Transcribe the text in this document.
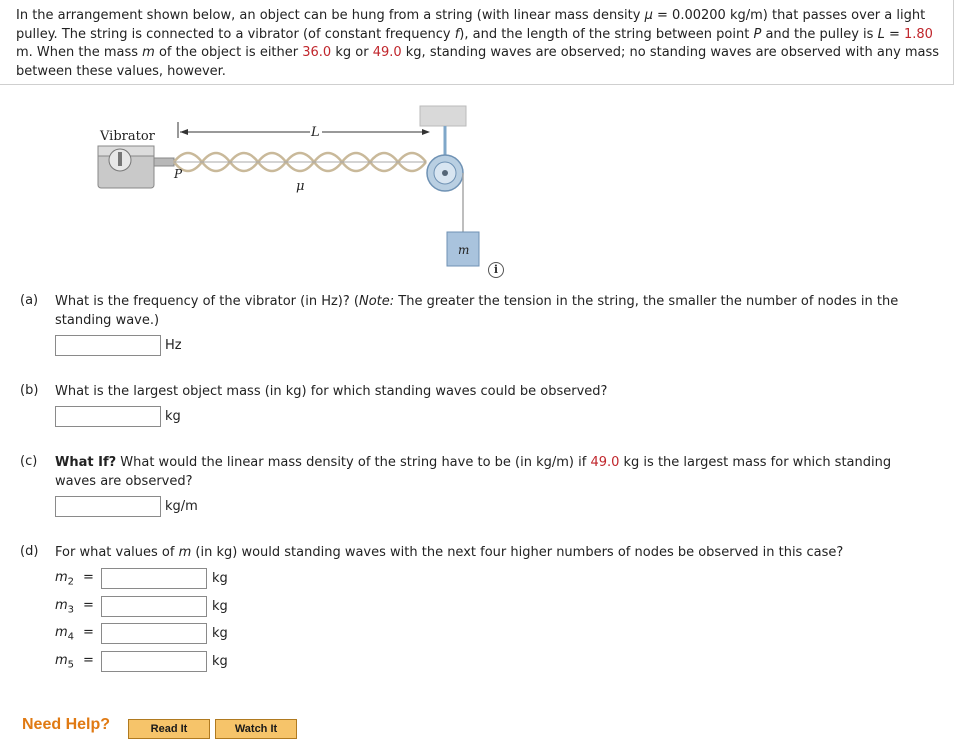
In the arrangement shown below, an object can be hung from a string (with linear mass density μ = 0.00200 kg/m) that passes over a light pulley. The string is connected to a vibrator (of constant frequency f), and the length of the string between point P and the pulley is L = 1.80 m. When the mass m of the object is either 36.0 kg or 49.0 kg, standing waves are observed; no standing waves are observed with any mass between these values, however.

Vibrator	L
P
μ
m
i
(a)	What is the frequency of the vibrator (in Hz)? (Note: The greater the tension in the string, the smaller the number of nodes in the standing wave.)
Hz
(b)	What is the largest object mass (in kg) for which standing waves could be observed?
kg
(c)	What If? What would the linear mass density of the string have to be (in kg/m) if 49.0 kg is the largest mass for which standing waves are observed?
kg/m
(d)	For what values of m (in kg) would standing waves with the next four higher numbers of nodes be observed in this case?
$m_2$ =	kg
$m_3$ =	kg
$m_4$ =	kg
$m_5$ =	kg
Need Help?	Read It	Watch It
